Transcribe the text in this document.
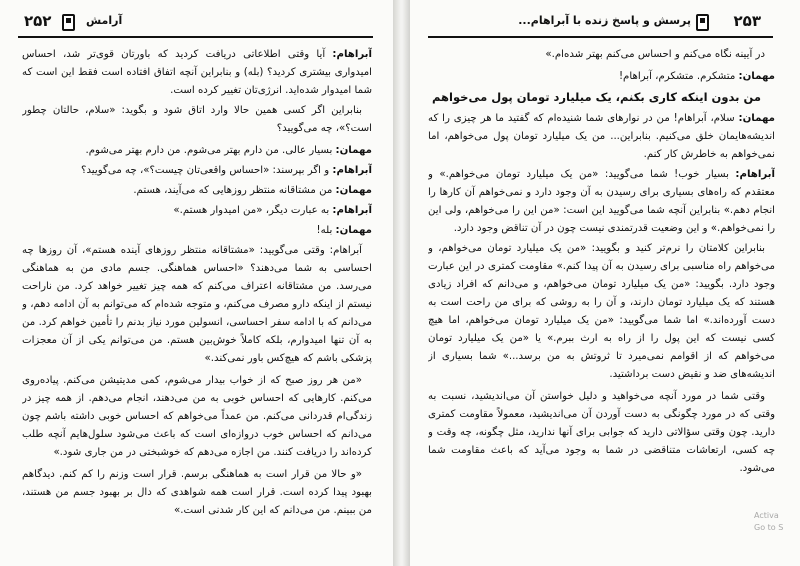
۲۵۲	آرامش

آبراهام: آیا وقتی اطلاعاتی دریافت کردید که باورتان قوی‌تر شد، احساس امیدواری بیشتری کردید؟ (بله) و بنابراین آنچه اتفاق افتاده است فقط این است که شما امیدوار شده‌اید. انرژی‌تان تغییر کرده است.

بنابراین اگر کسی همین حالا وارد اتاق شود و بگوید: «سلام، حالتان چطور است؟»، چه می‌گویید؟

مهمان: بسیار عالی. من دارم بهتر می‌شوم. من دارم بهتر می‌شوم.

آبراهام: و اگر بپرسند: «احساس واقعی‌تان چیست؟»، چه می‌گویید؟

مهمان: من مشتاقانه منتظر روزهایی که می‌آیند، هستم.

آبراهام: به عبارت دیگر، «من امیدوار هستم.»

مهمان: بله!

آبراهام: وقتی می‌گویید: «مشتاقانه منتظر روزهای آینده هستم»، آن روزها چه احساسی به شما می‌دهند؟ «احساس هماهنگی. جسم مادی من به هماهنگی می‌رسد. من مشتاقانه اعتراف می‌کنم که همه چیز تغییر خواهد کرد. من ناراحت نیستم از اینکه دارو مصرف می‌کنم، و متوجه شده‌ام که می‌توانم به آن ادامه دهم، و می‌دانم که با ادامه سفر احساسی، انسولین مورد نیاز بدنم را تأمین خواهم کرد. من به آن تنها امیدوارم، بلکه کاملاً خوش‌بین هستم. من می‌توانم یکی از آن معجزات پزشکی باشم که هیچ‌کس باور نمی‌کند.»

«من هر روز صبح که از خواب بیدار می‌شوم، کمی مدیتیشن می‌کنم. پیاده‌روی می‌کنم. کارهایی که احساس خوبی به من می‌دهند، انجام می‌دهم. از همه چیز در زندگی‌ام قدردانی می‌کنم. من عمداً می‌خواهم که احساس خوبی داشته باشم چون می‌دانم که احساس خوب دروازه‌ای است که باعث می‌شود سلول‌هایم آنچه طلب کرده‌اند را دریافت کنند. من اجازه می‌دهم که خوشبختی در من جاری شود.»

«و حالا من قرار است به هماهنگی برسم. قرار است وزنم را کم کنم. دیدگاهم بهبود پیدا کرده است. قرار است همه شواهدی که دال بر بهبود جسم من هستند، من ببینم. من می‌دانم که این کار شدنی است.»

پرسش و پاسخ زنده با آبراهام...	۲۵۳

در آیینه نگاه می‌کنم و احساس می‌کنم بهتر شده‌ام.»

مهمان: متشکرم. متشکرم، آبراهام!

من بدون اینکه کاری بکنم، یک میلیارد تومان پول می‌خواهم

مهمان: سلام، آبراهام! من در نوارهای شما شنیده‌ام که گفتید ما هر چیزی را که اندیشه‌هایمان خلق می‌کنیم. بنابراین... من یک میلیارد تومان پول می‌خواهم، اما نمی‌خواهم به خاطرش کار کنم.

آبراهام: بسیار خوب! شما می‌گویید: «من یک میلیارد تومان می‌خواهم.» و معتقدم که راه‌های بسیاری برای رسیدن به آن وجود دارد و نمی‌خواهم آن کارها را انجام دهم.» بنابراین آنچه شما می‌گویید این است: «من این را می‌خواهم، ولی این را نمی‌خواهم.» و این وضعیت قدرتمندی نیست چون در آن تناقض وجود دارد.

بنابراین کلامتان را نرم‌تر کنید و بگویید: «من یک میلیارد تومان می‌خواهم، و می‌خواهم راه مناسبی برای رسیدن به آن پیدا کنم.» مقاومت کمتری در این عبارت وجود دارد. بگویید: «من یک میلیارد تومان می‌خواهم، و می‌دانم که افراد زیادی هستند که یک میلیارد تومان دارند، و آن را به روشی که برای من راحت است به دست آورده‌اند.» اما شما می‌گویید: «من یک میلیارد تومان می‌خواهم، اما هیچ کسی نیست که این پول را از راه به ارث ببرم.» یا «من یک میلیارد تومان می‌خواهم که از اقوامم نمی‌میرد تا ثروتش به من برسد...» شما بسیاری از اندیشه‌های ضد و نقیض دست برداشتید.

وقتی شما در مورد آنچه می‌خواهید و دلیل خواستن آن می‌اندیشید، نسبت به وقتی که در مورد چگونگی به دست آوردن آن می‌اندیشید، معمولاً مقاومت کمتری دارید. چون وقتی سؤالاتی دارید که جوابی برای آنها ندارید، مثل چگونه، چه وقت و چه کسی، ارتعاشات متناقضی در شما به وجود می‌آید که باعث مقاومت شما می‌شود.

Activa
Go to S
